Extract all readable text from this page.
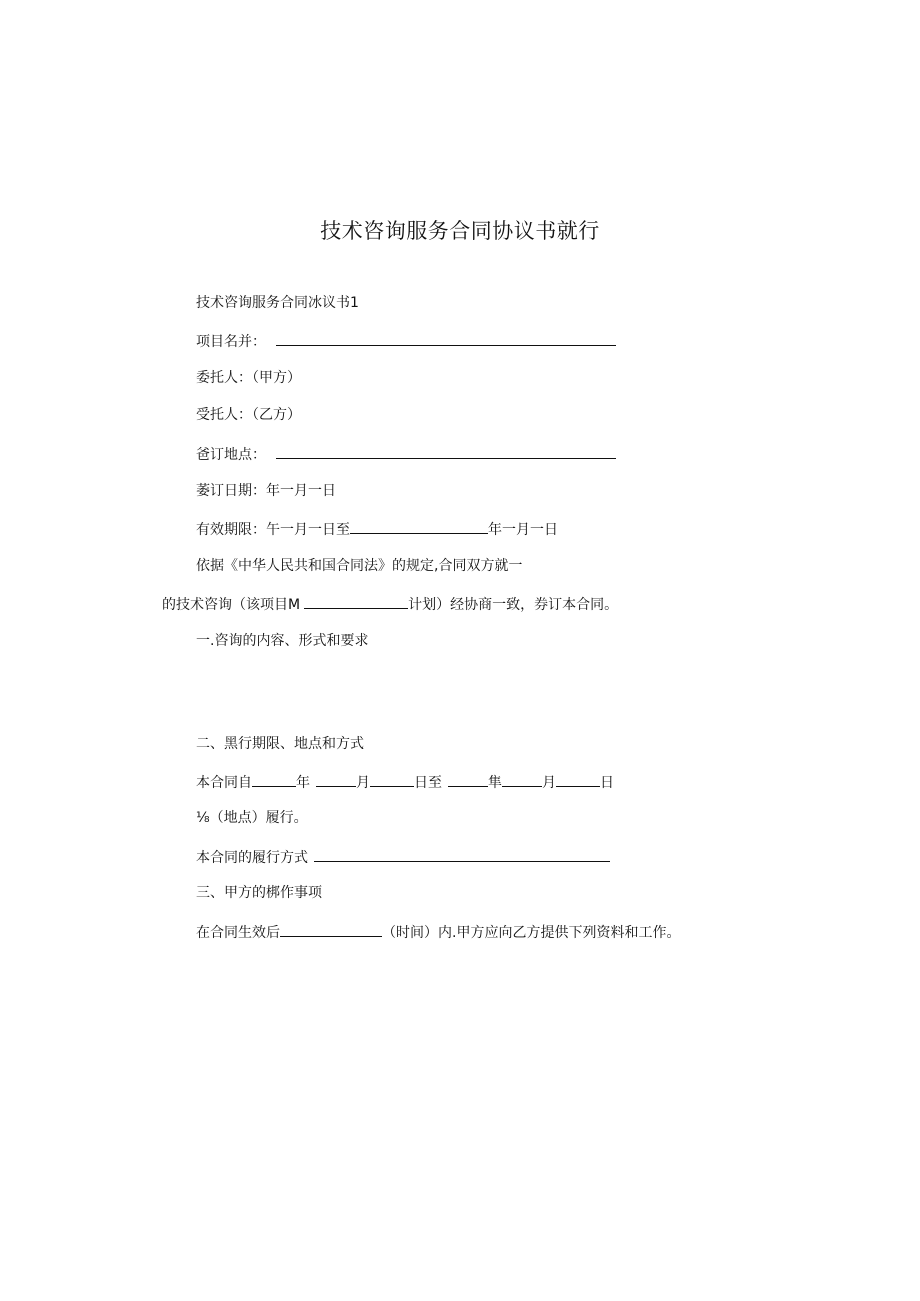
技术咨询服务合同协议书就行
技术咨询服务合同冰议书1
项目名并：
委托人：（甲方）
受托人：（乙方）
爸订地点：
萎订日期：年一月一日
有效期限：午一月一日至	年一月一日
依据《中华人民共和国合同法》的规定,合同双方就一
的技术咨询（该项目M	计划）经协商一致，券订本合同。
一.咨询的内容、形式和要求
二、黑行期限、地点和方式
本合同自	年	月	日至	隼	月	日
⅛（地点）履行。
本合同的履行方式
三、甲方的梆作事项
在合同生效后	（时间）内.甲方应向乙方提供下列资料和工作。
